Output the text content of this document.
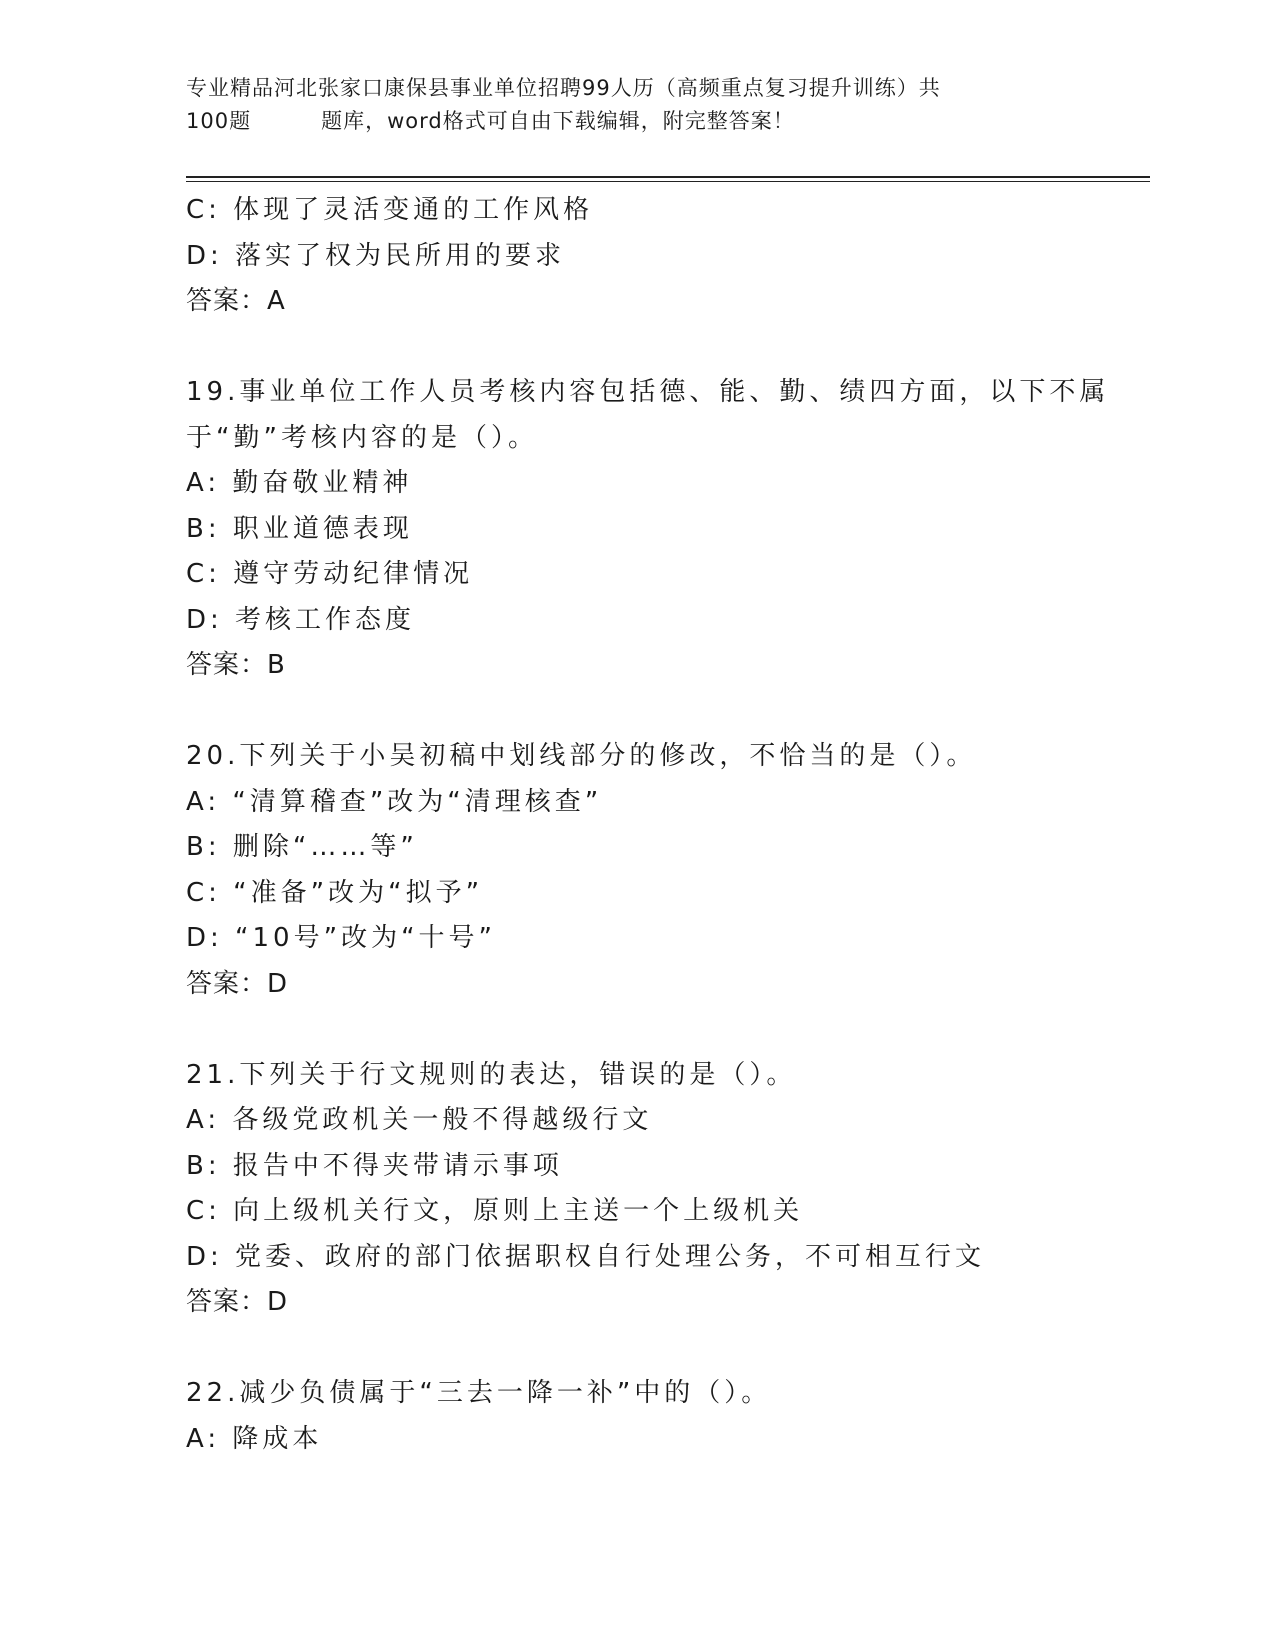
专业精品河北张家口康保县事业单位招聘99人历（高频重点复习提升训练）共
100题	题库，word格式可自由下载编辑，附完整答案！
C: 体现了灵活变通的工作风格
D: 落实了权为民所用的要求
答案：A
19.事业单位工作人员考核内容包括德、能、勤、绩四方面，以下不属
于“勤”考核内容的是（）。
A: 勤奋敬业精神
B: 职业道德表现
C: 遵守劳动纪律情况
D: 考核工作态度
答案：B
20.下列关于小吴初稿中划线部分的修改，不恰当的是（）。
A: “清算稽查”改为“清理核查”
B: 删除“……等”
C: “准备”改为“拟予”
D: “10号”改为“十号”
答案：D
21.下列关于行文规则的表达，错误的是（）。
A: 各级党政机关一般不得越级行文
B: 报告中不得夹带请示事项
C: 向上级机关行文，原则上主送一个上级机关
D: 党委、政府的部门依据职权自行处理公务，不可相互行文
答案：D
22.减少负债属于“三去一降一补”中的（）。
A: 降成本
